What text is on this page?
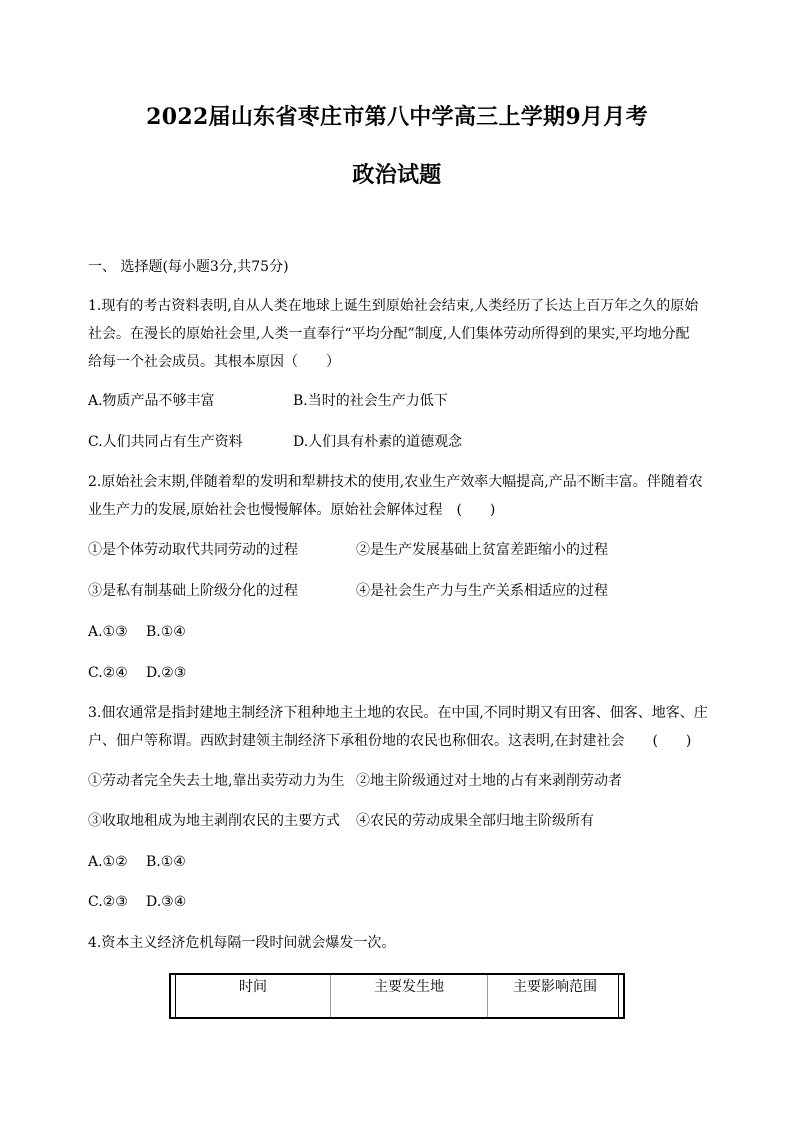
2022届山东省枣庄市第八中学高三上学期9月月考
政治试题
一、 选择题(每小题3分,共75分)
1.现有的考古资料表明,自从人类在地球上诞生到原始社会结束,人类经历了长达上百万年之久的原始
社会。在漫长的原始社会里,人类一直奉行“平均分配”制度,人们集体劳动所得到的果实,平均地分配
给每一个社会成员。其根本原因（　　）
A.物质产品不够丰富	B.当时的社会生产力低下
C.人们共同占有生产资料	D.人们具有朴素的道德观念
2.原始社会末期,伴随着犁的发明和犁耕技术的使用,农业生产效率大幅提高,产品不断丰富。伴随着农
业生产力的发展,原始社会也慢慢解体。原始社会解体过程　(　　)
①是个体劳动取代共同劳动的过程	②是生产发展基础上贫富差距缩小的过程
③是私有制基础上阶级分化的过程	④是社会生产力与生产关系相适应的过程
A.①③ B.①④
C.②④ D.②③
3.佃农通常是指封建地主制经济下租种地主土地的农民。在中国,不同时期又有田客、佃客、地客、庄
户、佃户等称谓。西欧封建领主制经济下承租份地的农民也称佃农。这表明,在封建社会　　(　　)
①劳动者完全失去土地,靠出卖劳动力为生 ②地主阶级通过对土地的占有来剥削劳动者
③收取地租成为地主剥削农民的主要方式 ④农民的劳动成果全部归地主阶级所有
A.①② B.①④
C.②③ D.③④
4.资本主义经济危机每隔一段时间就会爆发一次。
时间	主要发生地	主要影响范围
